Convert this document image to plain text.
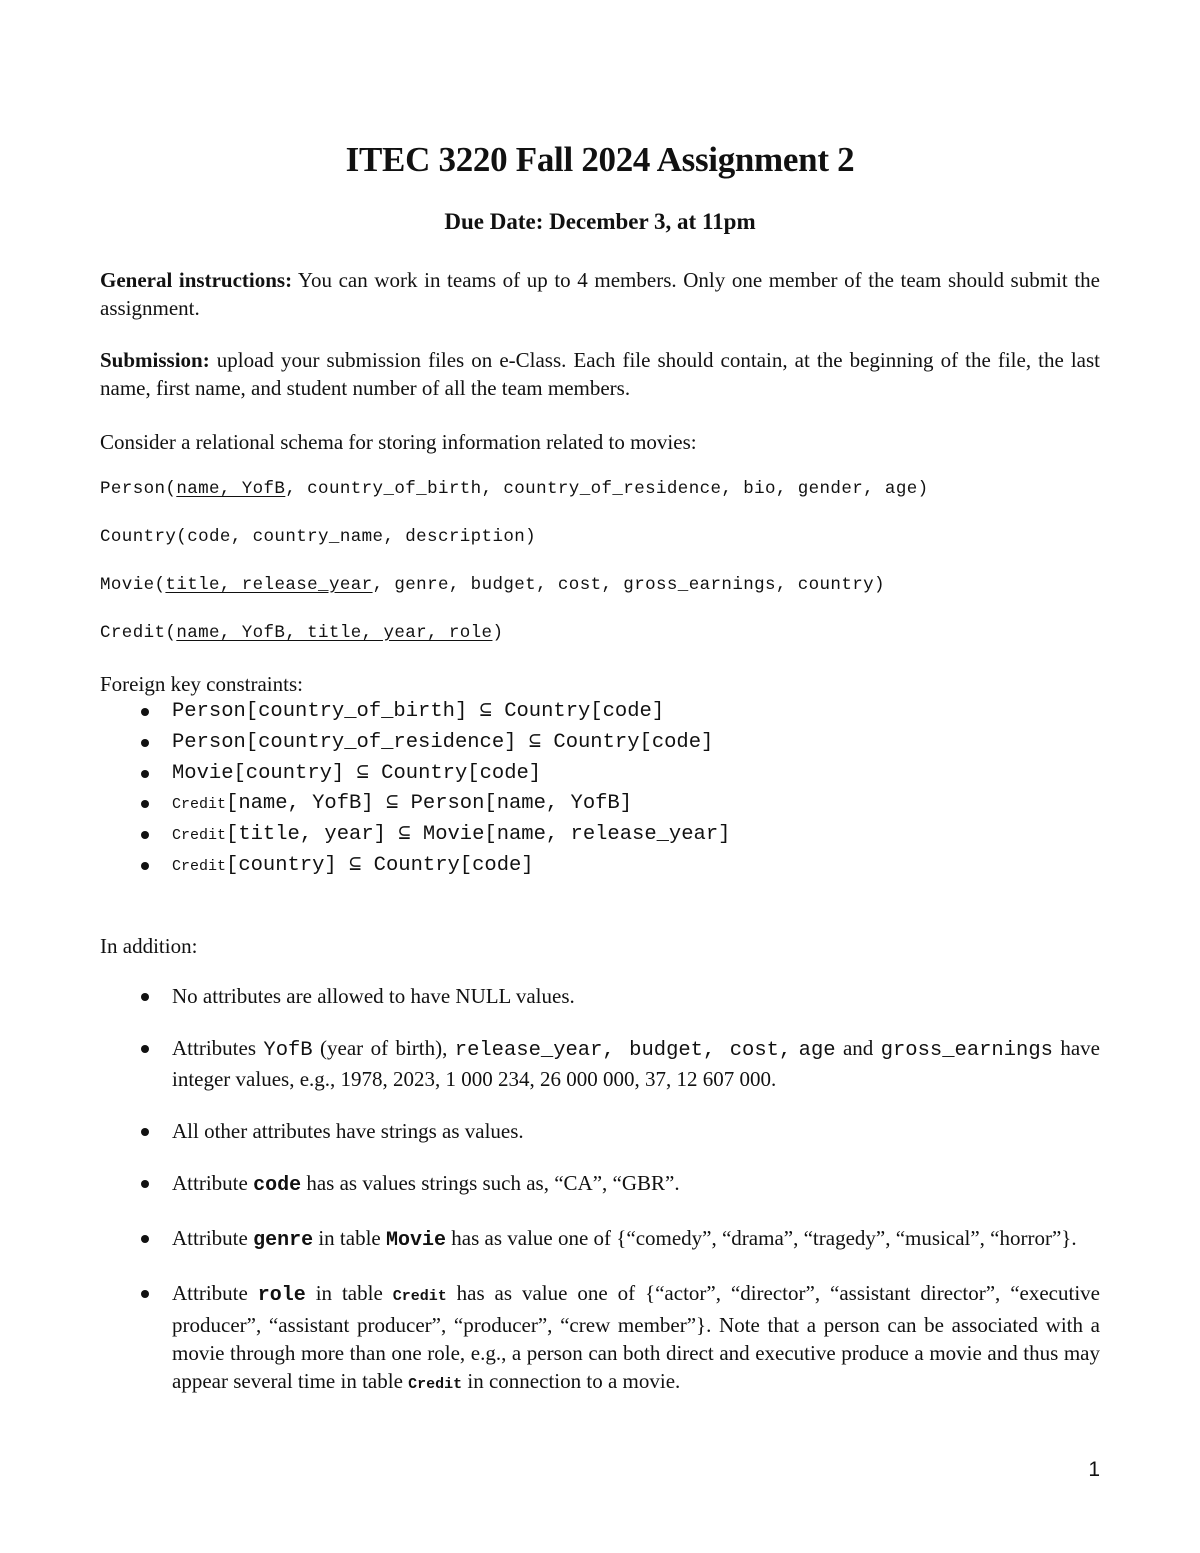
ITEC 3220 Fall 2024 Assignment 2
Due Date: December 3, at 11pm
General instructions: You can work in teams of up to 4 members. Only one member of the team should submit the assignment.
Submission: upload your submission files on e-Class. Each file should contain, at the beginning of the file, the last name, first name, and student number of all the team members.
Consider a relational schema for storing information related to movies:
Person(name, YofB, country_of_birth, country_of_residence, bio, gender, age)
Country(code, country_name, description)
Movie(title, release_year, genre, budget, cost, gross_earnings, country)
Credit(name, YofB, title, year, role)
Foreign key constraints:
Person[country_of_birth] ⊆ Country[code]
Person[country_of_residence] ⊆ Country[code]
Movie[country] ⊆ Country[code]
Credit[name, YofB] ⊆ Person[name, YofB]
Credit[title, year] ⊆ Movie[name, release_year]
Credit[country] ⊆ Country[code]
In addition:
No attributes are allowed to have NULL values.
Attributes YofB (year of birth), release_year, budget, cost, age and gross_earnings have integer values, e.g., 1978, 2023, 1 000 234, 26 000 000, 37, 12 607 000.
All other attributes have strings as values.
Attribute code has as values strings such as, “CA”, “GBR”.
Attribute genre in table Movie has as value one of {“comedy”, “drama”, “tragedy”, “musical”, “horror”}.
Attribute role in table Credit has as value one of {“actor”, “director”, “assistant director”, “executive producer”, “assistant producer”, “producer”, “crew member”}. Note that a person can be associated with a movie through more than one role, e.g., a person can both direct and executive produce a movie and thus may appear several time in table Credit in connection to a movie.
1
